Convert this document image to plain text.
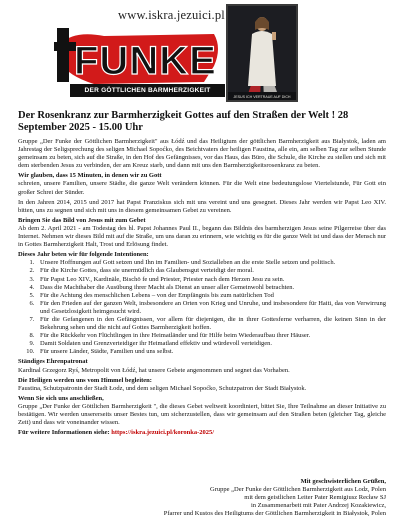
www.iskra.jezuici.pl
FUNKE
DER GÖTTLICHEN BARMHERZIGKEIT
JESUS ICH VERTRAUE AUF DICH
Der Rosenkranz zur Barmherzigkeit Gottes auf den Straßen der Welt ! 28 September 2025 - 15.00 Uhr

Gruppe „Der Funke der Göttlichen Barmherzigkeit" aus Łódź und das Heiligtum der göttlichen Barmherzigkeit aus Białystok, laden am Jahrestag der Seligsprechung des seligen Michael Sopoćko, des Beichtvaters der heiligen Faustina, alle ein, am selben Tag zur selben Stunde gemeinsam zu beten, sich auf die Straße, in den Hof des Gefängnisses, vor das Haus, das Büro, die Schule, die Kirche zu stellen und sich mit dem sterbenden Jesus zu verbinden, der am Kreuz starb, und dann mit uns den Barmherzigkeitsrosenkranz zu beten.

Wir glauben, dass 15 Minuten, in denen wir zu Gott

schreien, unsere Familien, unsere Städte, die ganze Welt verändern können. Für die Welt eine bedeutungslose Viertelstunde, Für Gott ein großer Schrei der Sünder.

In den Jahren 2014, 2015 und 2017 hat Papst Franziskus sich mit uns vereint und uns gesegnet. Dieses Jahr werden wir Papst Leo XIV. bitten, uns zu segnen und sich mit uns in diesem gemeinsamen Gebet zu vereinen.

Bringen Sie das Bild von Jesus mit zum Gebet

Ab dem 2. April 2021 - am Todestag des hl. Papst Johannes Paul II., begann das Bildnis des barmherzigen Jesus seine Pilgerreise über das Internet. Nehmen wir dieses Bild mit auf die Straße, um uns daran zu erinnern, wie wichtig es für die ganze Welt ist und dass der Mensch nur in Gottes Barmherzigkeit Halt, Trost und Erlösung findet.

Dieses Jahr beten wir für folgende Intentionen:
1. Unsere Hoffnungen auf Gott setzen und Ihn im Familien- und Sozialleben an die erste Stelle setzen und politisch.
2. Für die Kirche Gottes, dass sie unermüdlich das Glaubensgut verteidigt der moral.
3. Für Papst Leo XIV., Kardinäle, Bischö fe und Priester, Priester nach dem Herzen Jesu zu sein.
4. Dass die Machthaber die Ausübung ihrer Macht als Dienst an unser aller Gemeinwohl betrachten.
5. Für die Achtung des menschlichen Lebens – von der Empfängnis bis zum natürlichen Tod
6. Für den Frieden auf der ganzen Welt, insbesondere an Orten von Krieg und Unruhe, und insbesondere für Haiti, das von Verwirrung und Gesetzlosigkeit heimgesucht wird.
7. Für die Gefangenen in den Gefängnissen, vor allem für diejenigen, die in ihrer Gottesferne verharren, die keinen Sinn in der Bekehrung sehen und die nicht auf Gottes Barmherzigkeit hoffen.
8. Für die Rückkehr von Flüchtlingen in ihre Heimatländer und für Hilfe beim Wiederaufbau ihrer Häuser.
9. Damit Soldaten und Grenzverteidiger ihr Heimatland effektiv und würdevoll verteidigen.
10. Für unsere Länder, Städte, Familien und uns selbst.
Ständiges Ehrenpatronat

Kardinal Grzegorz Ryś, Metropolit von Łódź, hat unsere Gebete angenommen und segnet das Vorhaben.

Die Heiligen werden uns vom Himmel begleiten:

Faustina, Schutzpatronin der Stadt Łodz, und dem seligen Michael Sopoćko, Schutzpatron der Stadt Białystok.

Wenn Sie sich uns anschließen,

Gruppe „Der Funke der Göttlichen Barmherzigkeit ", die dieses Gebet weltweit koordiniert, bittet Sie, Ihre Teilnahme an dieser Initiative zu bestätigen. Wir werden unsererseits unser Bestes tun, um sicherzustellen, dass wir gemeinsam auf den Straßen beten (gleicher Tag, gleiche Zeit) und dass wir voneinander wissen.

Für weitere Informationen siehe: https://iskra.jezuici.pl/koronka-2025/

Mit geschwisterlichen Grüßen,
Gruppe „Der Funke der Göttlichen Barmherzigkeit aus Lodz, Polen
mit dem geistlichen Leiter Pater Remigiusz Recław SJ
in Zusammenarbeit mit Pater Andrzej Kozakiewicz,
Pfarrer und Kustos des Heiligtums der Göttlichen Barmherzigkeit in Białystok, Polen
